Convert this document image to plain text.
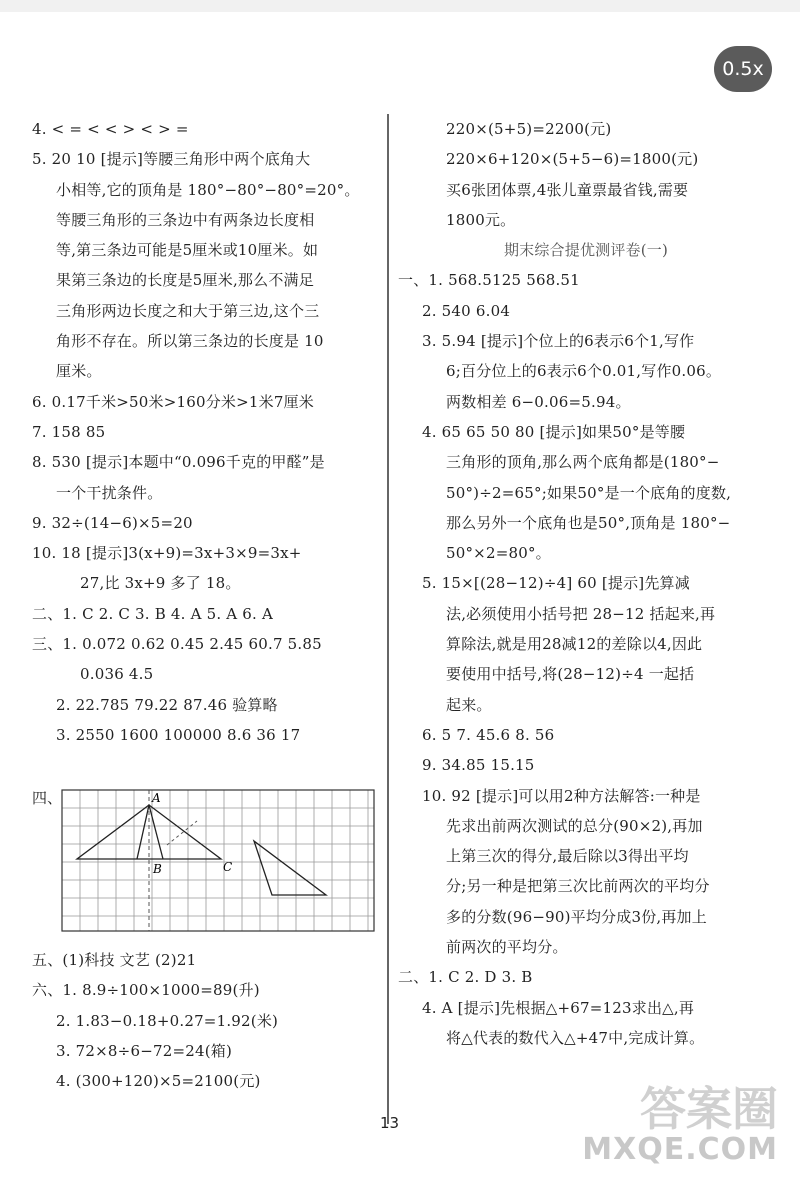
0.5x
4. < = < < > < > =
5. 20 10 [提示]等腰三角形中两个底角大
小相等,它的顶角是 180°−80°−80°=20°。
等腰三角形的三条边中有两条边长度相
等,第三条边可能是5厘米或10厘米。如
果第三条边的长度是5厘米,那么不满足
三角形两边长度之和大于第三边,这个三
角形不存在。所以第三条边的长度是 10
厘米。
6. 0.17千米>50米>160分米>1米7厘米
7. 158 85
8. 530 [提示]本题中“0.096千克的甲醛”是
一个干扰条件。
9. 32÷(14−6)×5=20
10. 18 [提示]3(x+9)=3x+3×9=3x+
27,比 3x+9 多了 18。
二、1. C 2. C 3. B 4. A 5. A 6. A
三、1. 0.072 0.62 0.45 2.45 60.7 5.85
0.036 4.5
2. 22.785 79.22 87.46 验算略
3. 2550 1600 100000 8.6 36 17
四、	A
B	C
五、(1)科技 文艺 (2)21
六、1. 8.9÷100×1000=89(升)
2. 1.83−0.18+0.27=1.92(米)
3. 72×8÷6−72=24(箱)
4. (300+120)×5=2100(元)
220×(5+5)=2200(元)
220×6+120×(5+5−6)=1800(元)
买6张团体票,4张儿童票最省钱,需要
1800元。
期末综合提优测评卷(一)
一、1. 568.5125 568.51
2. 540 6.04
3. 5.94 [提示]个位上的6表示6个1,写作
6;百分位上的6表示6个0.01,写作0.06。
两数相差 6−0.06=5.94。
4. 65 65 50 80 [提示]如果50°是等腰
三角形的顶角,那么两个底角都是(180°−
50°)÷2=65°;如果50°是一个底角的度数,
那么另外一个底角也是50°,顶角是 180°−
50°×2=80°。
5. 15×[(28−12)÷4] 60 [提示]先算减
法,必须使用小括号把 28−12 括起来,再
算除法,就是用28减12的差除以4,因此
要使用中括号,将(28−12)÷4 一起括
起来。
6. 5 7. 45.6 8. 56
9. 34.85 15.15
10. 92 [提示]可以用2种方法解答:一种是
先求出前两次测试的总分(90×2),再加
上第三次的得分,最后除以3得出平均
分;另一种是把第三次比前两次的平均分
多的分数(96−90)平均分成3份,再加上
前两次的平均分。
二、1. C 2. D 3. B
4. A [提示]先根据△+67=123求出△,再
将△代表的数代入△+47中,完成计算。
13	答案圈
MXQE.COM
